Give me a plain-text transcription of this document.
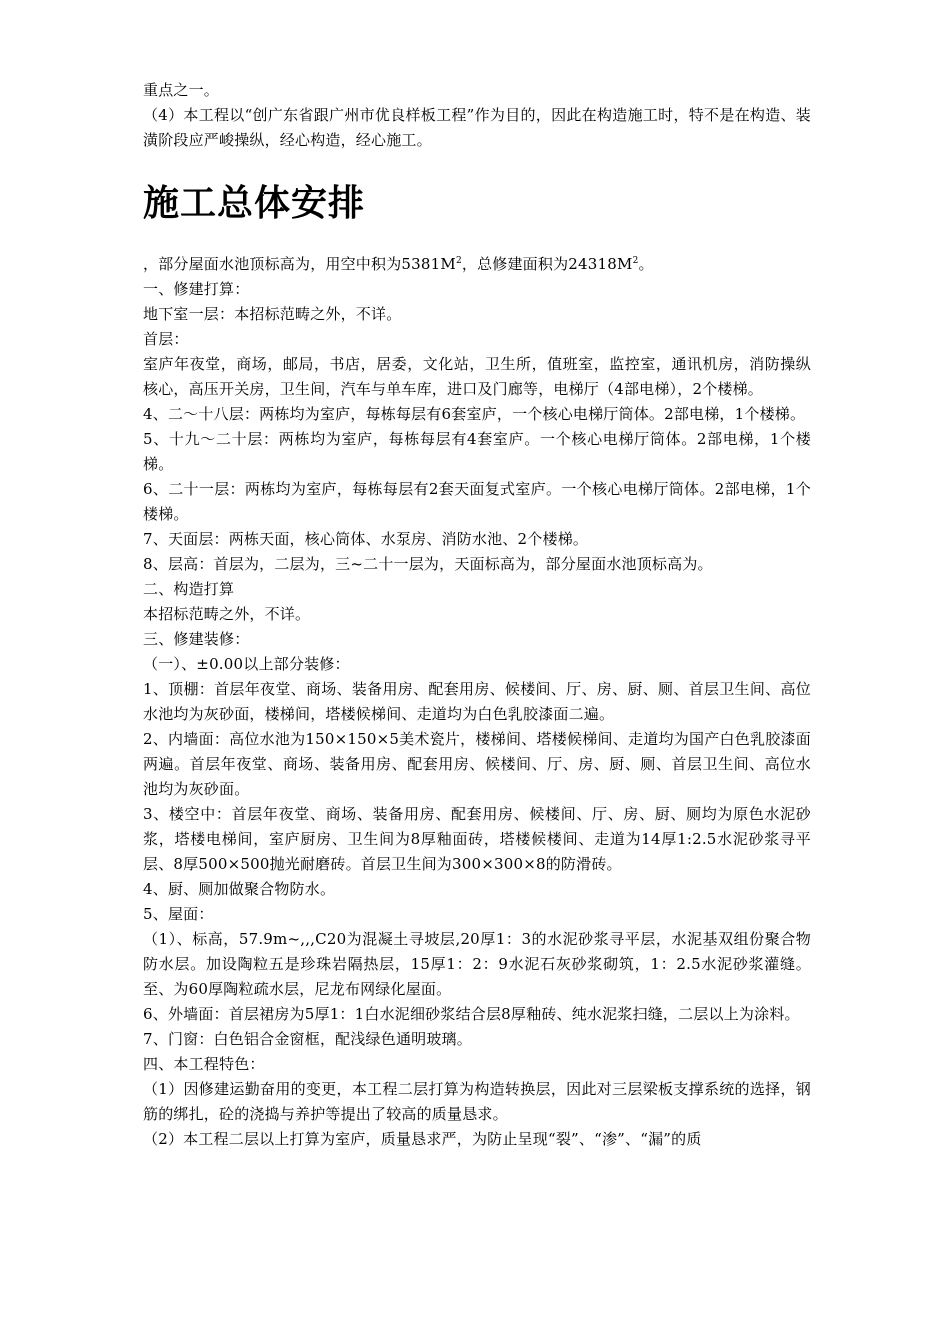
重点之一。

（4）本工程以“创广东省跟广州市优良样板工程”作为目的，因此在构造施工时，特不是在构造、装潢阶段应严峻操纵，经心构造，经心施工。

施工总体安排

，部分屋面水池顶标高为，用空中积为$5381M^2$，总修建面积为$24318M^2$。

一、修建打算：

地下室一层：本招标范畴之外，不详。

首层：

室庐年夜堂，商场，邮局，书店，居委，文化站，卫生所，值班室，监控室，通讯机房，消防操纵核心，高压开关房，卫生间，汽车与单车库，进口及门廊等，电梯厅（4部电梯），2个楼梯。

4、二～十八层：两栋均为室庐，每栋每层有6套室庐，一个核心电梯厅筒体。2部电梯，1个楼梯。

5、十九～二十层：两栋均为室庐，每栋每层有4套室庐。一个核心电梯厅筒体。2部电梯，1个楼梯。

6、二十一层：两栋均为室庐，每栋每层有2套天面复式室庐。一个核心电梯厅筒体。2部电梯，1个楼梯。

7、天面层：两栋天面，核心筒体、水泵房、消防水池、2个楼梯。

8、层高：首层为，二层为，三~二十一层为，天面标高为，部分屋面水池顶标高为。

二、构造打算

本招标范畴之外，不详。

三、修建装修：

（一）、±0.00以上部分装修：

1、顶棚：首层年夜堂、商场、装备用房、配套用房、候楼间、厅、房、厨、厕、首层卫生间、高位水池均为灰砂面，楼梯间，塔楼候梯间、走道均为白色乳胶漆面二遍。

2、内墙面：高位水池为150×150×5美术瓷片，楼梯间、塔楼候梯间、走道均为国产白色乳胶漆面两遍。首层年夜堂、商场、装备用房、配套用房、候楼间、厅、房、厨、厕、首层卫生间、高位水池均为灰砂面。

3、楼空中：首层年夜堂、商场、装备用房、配套用房、候楼间、厅、房、厨、厕均为原色水泥砂浆，塔楼电梯间，室庐厨房、卫生间为8厚釉面砖，塔楼候楼间、走道为14厚1:2.5水泥砂浆寻平层、8厚500×500抛光耐磨砖。首层卫生间为300×300×8的防滑砖。

4、厨、厕加做聚合物防水。

5、屋面：

（1）、标高，57.9m~,,,C20为混凝土寻坡层,20厚1：3的水泥砂浆寻平层，水泥基双组份聚合物防水层。加设陶粒五是珍珠岩隔热层，15厚1：2：9水泥石灰砂浆砌筑，1：2.5水泥砂浆灌缝。至、为60厚陶粒疏水层，尼龙布网绿化屋面。

6、外墙面：首层裙房为5厚1：1白水泥细砂浆结合层8厚釉砖、纯水泥浆扫缝，二层以上为涂料。

7、门窗：白色铝合金窗框，配浅绿色通明玻璃。

四、本工程特色：

（1）因修建运勤奋用的变更，本工程二层打算为构造转换层，因此对三层梁板支撑系统的选择，钢筋的绑扎，砼的浇捣与养护等提出了较高的质量恳求。

（2）本工程二层以上打算为室庐，质量恳求严，为防止呈现“裂”、“渗”、“漏”的质
